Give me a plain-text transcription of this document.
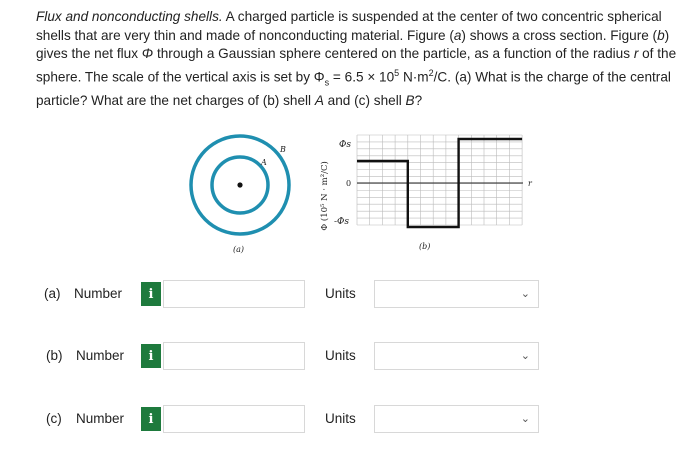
Flux and nonconducting shells. A charged particle is suspended at the center of two concentric spherical shells that are very thin and made of nonconducting material. Figure (a) shows a cross section. Figure (b) gives the net flux Φ through a Gaussian sphere centered on the particle, as a function of the radius r of the sphere. The scale of the vertical axis is set by $\Phi_s = 6.5 \times 10^5$ $N\cdot m^2/C$. (a) What is the charge of the central particle? What are the net charges of (b) shell A and (c) shell B?
A
B
(a)
r
Φ (10⁵ N · m²/C)
Φs
0
-Φs
(b)
(a) Number	i	Units	⌄
(b) Number	i	Units	⌄
(c) Number	i	Units	⌄
